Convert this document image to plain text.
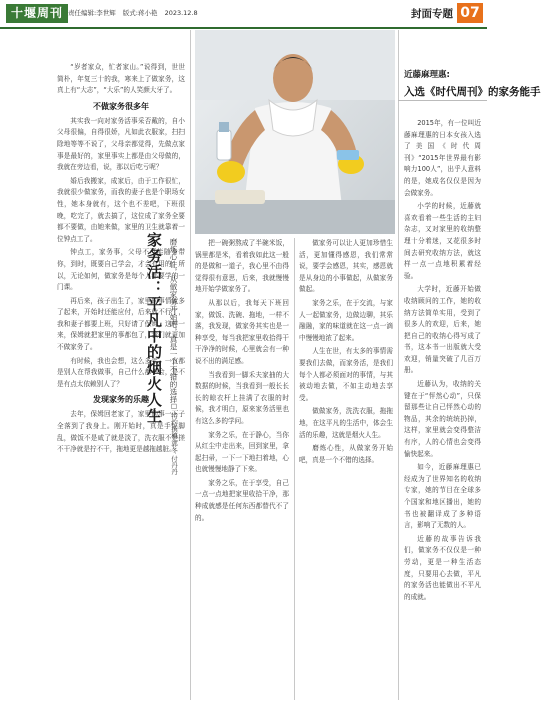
十堰周刊 责任编辑:李世辉 版式:蒋小艳 2023.12.8	封面专题 07

“岁者家众，忙者家山。”说得到，世世简朴，年复三十的我，寒来上了做家务，这真上有“大志”，“大乐”的人笑颜大牙了。

不做家务很多年

其实我一向对家务活事采否戴的，自小父母很偏，自得很娇，凡如此衣服家，扫扫除地等等不说了，父母亲都觉得，先做点家事是最好的，家里事实上都是由父母做的，我就在旁边看，说，那以后吃亏呢？

婚后我搬家，成家后，由于工作很忙，我就很少做家务，而我的妻子也是个职场女性，她本身就有，这个也不差吧，下班很晚，吃完了，就去搞了，这位成了家务全要都不要做，由她来做，家里的卫生就靠着一位钟点工了。

钟点工，家务事，父母不可能随身带你，到时，既要自己学会，才会有用的。所以，无论如何，做家务是每个人都要学的一门课。

再后来，孩子出生了，家里的事情就多了起来，开始时还能应付，后来就不行了，我和妻子都要上班，只好请了保姆，这样一来，保姆就把家里的事都包了，我们就更加不做家务了。

有时候，我也会想，这么多年，一直都是别人在帮我做事，自己什么都不会，是不是有点太依赖别人了？

发现家务的乐趣

去年，保姆回老家了，家里的事一下子全落到了我身上。刚开始时，真是手忙脚乱，做饭不是咸了就是淡了，洗衣服不是搓不干净就是拧不干，拖地更是越拖越脏。

家务活：平凡中的烟火人生 磨炼心性，从做家务开始吧，真是一个不错的选择
□ 特约撰稿 郭冬 付丹丹

把一碗粥熬成了半碗米饭，锅里都是米，看着我如此这一般的是做和一道子，我心里不由得觉得很有意思，后来，我就慢慢地开始学做家务了。

从那以后，我每天下班回家，做饭、洗碗、拖地，一样不落，我发现，做家务其实也是一种享受，每当我把家里收拾得干干净净的时候，心里就会有一种说不出的满足感。

当我看到一脚禾夫家抽的大数据的时候，当我看到一般长长长的晾衣杆上挂满了衣服的时候，我才明白，原来家务活里也有这么多的学问。

家务之乐，在于静心，当你从红尘中走出来，回到家里，拿起扫帚，一下一下地扫着地，心也就慢慢地静了下来。

家务之乐，在于享受，自己一点一点地把家里收拾干净，那种成就感是任何东西都替代不了的。

做家务可以让人更加珍惜生活，更加懂得感恩，我们常常说，要学会感恩，其实，感恩就是从身边的小事做起，从做家务做起。

家务之乐，在于交流，与家人一起做家务，边做边聊，其乐融融，家的味道就在这一点一滴中慢慢地浓了起来。

人生在世，有太多的事情需要我们去做，而家务活，是我们每个人都必须面对的事情，与其被动地去做，不如主动地去享受。

做做家务，洗洗衣服，拖拖地，在这平凡的生活中，体会生活的乐趣，这就是烟火人生。

磨炼心性，从做家务开始吧，真是一个不错的选择。

近藤麻理惠:
入选《时代周刊》的家务能手

2015年，有一位叫近藤麻理惠的日本女孩入选了美国《时代周刊》“2015年世界最有影响力100人”，出乎人意料的是，她成名仅仅是因为会做家务。

小学的时候，近藤就喜欢看着一些生活的主妇杂志，又对家里的收纳整理十分着迷，又花很多时间去研究收纳方法，就这样一点一点地积累着经验。

大学时，近藤开始做收纳顾问的工作，她的收纳方法简单实用，受到了很多人的欢迎，后来，她把自己的收纳心得写成了书，这本书一出版就大受欢迎，销量突破了几百万册。

近藤认为，收纳的关键在于“怦然心动”，只保留那些让自己怦然心动的物品，其余的统统扔掉，这样，家里就会变得整洁有序，人的心情也会变得愉快起来。

如今，近藤麻理惠已经成为了世界知名的收纳专家，她的节目在全球多个国家和地区播出，她的书也被翻译成了多种语言，影响了无数的人。

近藤的故事告诉我们，做家务不仅仅是一种劳动，更是一种生活态度，只要用心去做，平凡的家务活也能做出不平凡的成就。
